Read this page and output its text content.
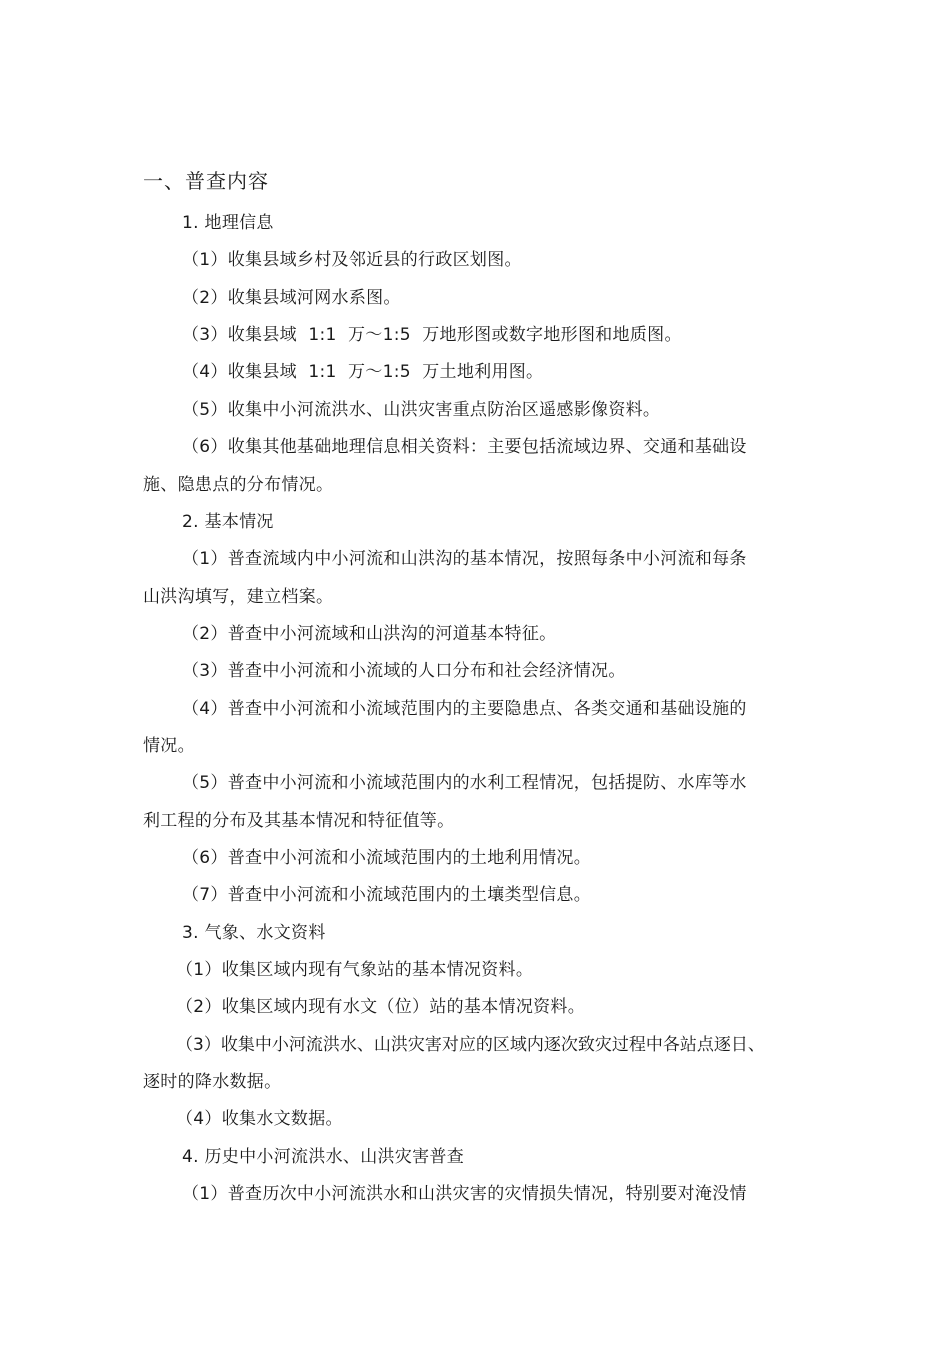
一、普查内容
1. 地理信息
（1）收集县域乡村及邻近县的行政区划图。
（2）收集县域河网水系图。
（3）收集县域  1:1  万～1:5  万地形图或数字地形图和地质图。
（4）收集县域  1:1  万～1:5  万土地利用图。
（5）收集中小河流洪水、山洪灾害重点防治区遥感影像资料。
（6）收集其他基础地理信息相关资料：主要包括流域边界、交通和基础设
施、隐患点的分布情况。
2. 基本情况
（1）普查流域内中小河流和山洪沟的基本情况，按照每条中小河流和每条
山洪沟填写，建立档案。
（2）普查中小河流域和山洪沟的河道基本特征。
（3）普查中小河流和小流域的人口分布和社会经济情况。
（4）普查中小河流和小流域范围内的主要隐患点、各类交通和基础设施的
情况。
（5）普查中小河流和小流域范围内的水利工程情况，包括提防、水库等水
利工程的分布及其基本情况和特征值等。
（6）普查中小河流和小流域范围内的土地利用情况。
（7）普查中小河流和小流域范围内的土壤类型信息。
3. 气象、水文资料
（1）收集区域内现有气象站的基本情况资料。
（2）收集区域内现有水文（位）站的基本情况资料。
（3）收集中小河流洪水、山洪灾害对应的区域内逐次致灾过程中各站点逐日、
逐时的降水数据。
（4）收集水文数据。
4. 历史中小河流洪水、山洪灾害普查
（1）普查历次中小河流洪水和山洪灾害的灾情损失情况，特别要对淹没情
